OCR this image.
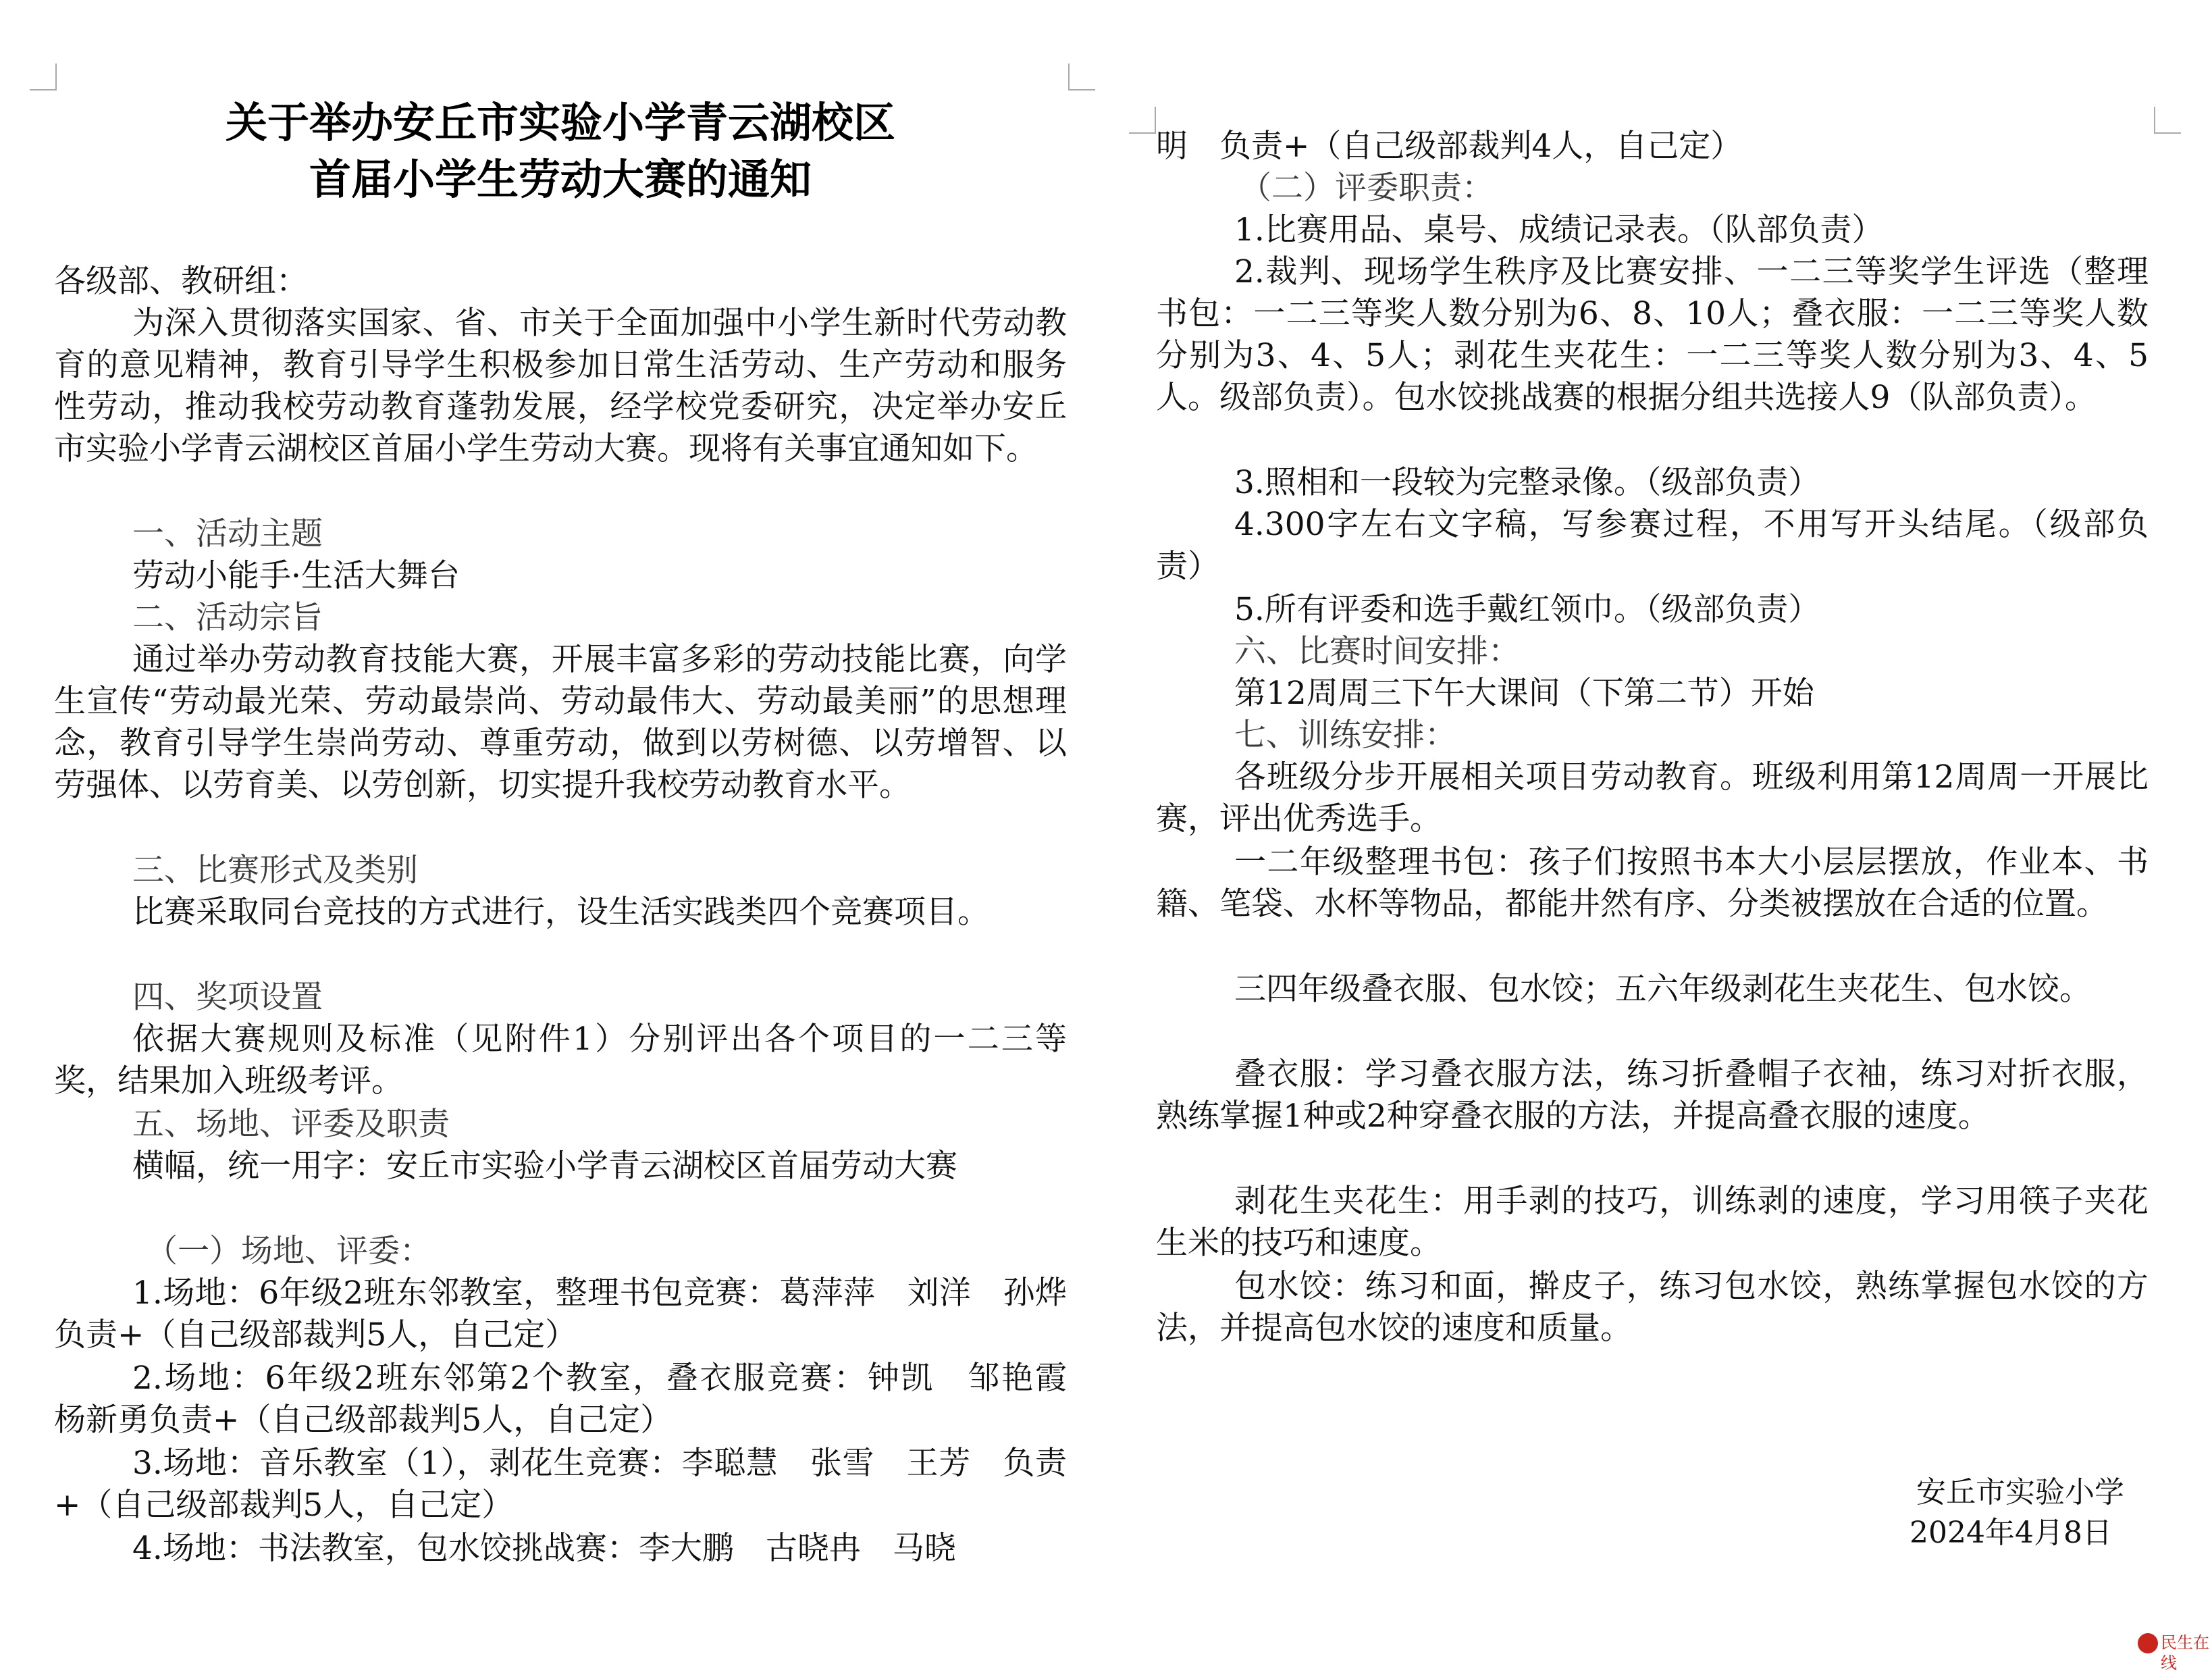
关于举办安丘市实验小学青云湖校区
首届小学生劳动大赛的通知
各级部、教研组：
为深入贯彻落实国家、省、市关于全面加强中小学生新时代劳动教育的意见精神，教育引导学生积极参加日常生活劳动、生产劳动和服务性劳动，推动我校劳动教育蓬勃发展，经学校党委研究，决定举办安丘市实验小学青云湖校区首届小学生劳动大赛。现将有关事宜通知如下。
一、活动主题
劳动小能手·生活大舞台
二、活动宗旨
通过举办劳动教育技能大赛，开展丰富多彩的劳动技能比赛，向学生宣传“劳动最光荣、劳动最崇尚、劳动最伟大、劳动最美丽”的思想理念，教育引导学生崇尚劳动、尊重劳动，做到以劳树德、以劳增智、以劳强体、以劳育美、以劳创新，切实提升我校劳动教育水平。
三、比赛形式及类别
比赛采取同台竞技的方式进行，设生活实践类四个竞赛项目。
四、奖项设置
依据大赛规则及标准（见附件1）分别评出各个项目的一二三等奖，结果加入班级考评。
五、场地、评委及职责
横幅，统一用字：安丘市实验小学青云湖校区首届劳动大赛
（一）场地、评委：
1.场地：6年级2班东邻教室，整理书包竞赛：葛萍萍　刘洋　孙烨负责+（自己级部裁判5人，自己定）
2.场地：6年级2班东邻第2个教室，叠衣服竞赛：钟凯　邹艳霞　杨新勇负责+（自己级部裁判5人，自己定）
3.场地：音乐教室（1），剥花生竞赛：李聪慧　张雪　王芳　负责+（自己级部裁判5人，自己定）
4.场地：书法教室，包水饺挑战赛：李大鹏　古晓冉　马晓
明　负责+（自己级部裁判4人，自己定）
（二）评委职责：
1.比赛用品、桌号、成绩记录表。（队部负责）
2.裁判、现场学生秩序及比赛安排、一二三等奖学生评选（整理书包：一二三等奖人数分别为6、8、10人；叠衣服：一二三等奖人数分别为3、4、5人；剥花生夹花生：一二三等奖人数分别为3、4、5人。级部负责）。包水饺挑战赛的根据分组共选接人9（队部负责）。
3.照相和一段较为完整录像。（级部负责）
4.300字左右文字稿，写参赛过程，不用写开头结尾。（级部负责）
5.所有评委和选手戴红领巾。（级部负责）
六、比赛时间安排：
第12周周三下午大课间（下第二节）开始
七、训练安排：
各班级分步开展相关项目劳动教育。班级利用第12周周一开展比赛，评出优秀选手。
一二年级整理书包：孩子们按照书本大小层层摆放，作业本、书籍、笔袋、水杯等物品，都能井然有序、分类被摆放在合适的位置。
三四年级叠衣服、包水饺；五六年级剥花生夹花生、包水饺。
叠衣服：学习叠衣服方法，练习折叠帽子衣袖，练习对折衣服，熟练掌握1种或2种穿叠衣服的方法，并提高叠衣服的速度。
剥花生夹花生：用手剥的技巧，训练剥的速度，学习用筷子夹花生米的技巧和速度。
包水饺：练习和面，擀皮子，练习包水饺，熟练掌握包水饺的方法，并提高包水饺的速度和质量。
安丘市实验小学
2024年4月8日
民生在线
